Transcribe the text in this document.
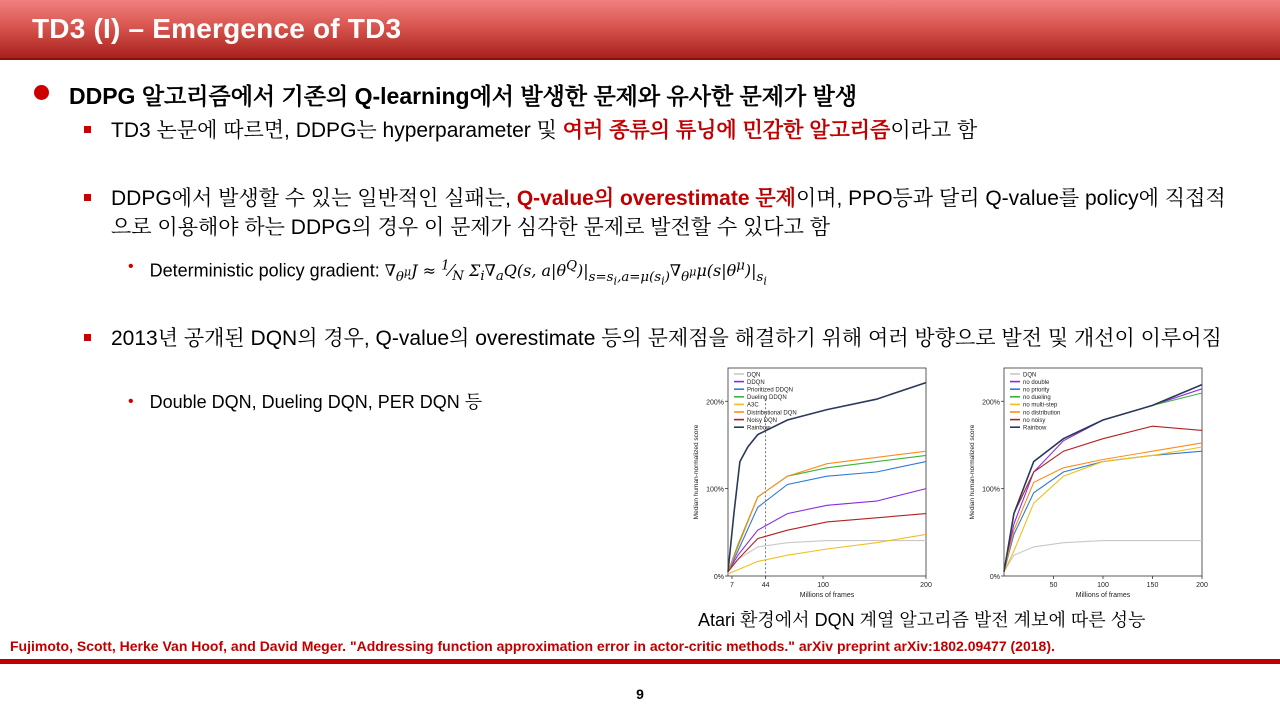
TD3 (I) – Emergence of TD3
DDPG 알고리즘에서 기존의 Q-learning에서 발생한 문제와 유사한 문제가 발생
TD3 논문에 따르면, DDPG는 hyperparameter 및 여러 종류의 튜닝에 민감한 알고리즘이라고 함
DDPG에서 발생할 수 있는 일반적인 실패는, Q-value의 overestimate 문제이며, PPO등과 달리 Q-value를 policy에 직접적으로 이용해야 하는 DDPG의 경우 이 문제가 심각한 문제로 발전할 수 있다고 함
• Deterministic policy gradient: $\nabla_{\theta^\mu}J$ ≈ $^1⁄_N$ $\Sigma_i\nabla_aQ(s$, $a|\theta^Q)|_{s=s_i,a=\mu(s_i)}\nabla_{\theta^\mu}\mu(s|\theta^\mu)|_{s_i}$
2013년 공개된 DQN의 경우, Q-value의 overestimate 등의 문제점을 해결하기 위해 여러 방향으로 발전 및 개선이 이루어짐
• Double DQN, Dueling DQN, PER DQN 등
0%
100%
200%
7	44	100	200
Millions of frames
Median human-normalized score
DQN
DDQN
Prioritized DDQN
Dueling DDQN
A3C
Distributional DQN
Noisy DQN
Rainbow
0%
100%
200%
50	100	150	200
Millions of frames
Median human-normalized score
DQN
no double
no priority
no dueling
no multi-step
no distribution
no noisy
Rainbow
Atari 환경에서 DQN 계열 알고리즘 발전 계보에 따른 성능
Fujimoto, Scott, Herke Van Hoof, and David Meger. "Addressing function approximation error in actor-critic methods." arXiv preprint arXiv:1802.09477 (2018).
9
